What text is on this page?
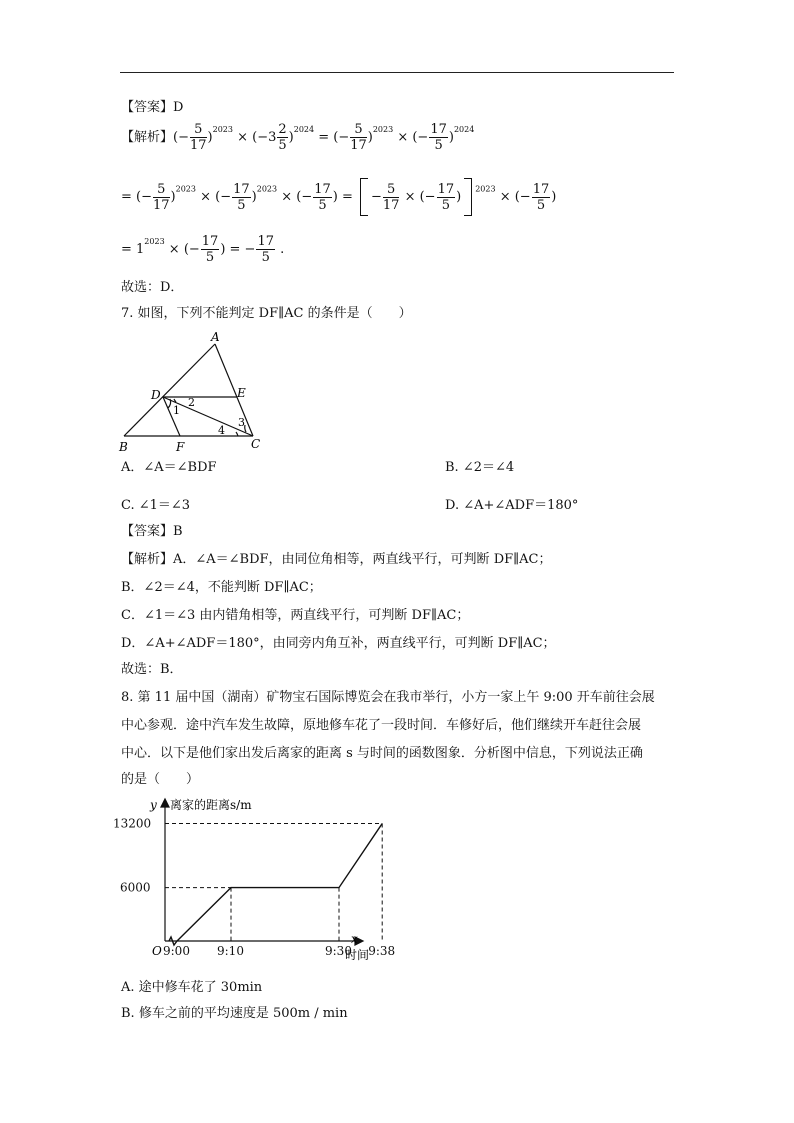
【答案】D
【解析】(− $\frac{5}{17} )^{2023} \times (-3 \frac{2}{5} )^{2024}$ = (− $\frac{5}{17} )^{2023}$ × (− $\frac{17}{5} )^{2024}$
= (− $\frac{5}{17} )^{2023}$ × (− $\frac{17}{5} )^{2023}$ × (− $\frac{17}{5}$ ) = − $\frac{5}{17}$ × (− $\frac{17}{5} )^{2023}$ × (− $\frac{17}{5}$ )
= $1^{2023}$ × (− $\frac{17}{5}$ ) = − $\frac{17}{5}$ .
故选：D．
7. 如图，下列不能判定 DF∥AC 的条件是（　　）
A
B	C
D	E
F
1
2
3
4
A．∠A＝∠BDF	B. ∠2＝∠4
C. ∠1＝∠3	D. ∠A+∠ADF＝180°
【答案】B
【解析】A．∠A＝∠BDF，由同位角相等，两直线平行，可判断 DF∥AC；
B．∠2＝∠4，不能判断 DF∥AC；
C．∠1＝∠3 由内错角相等，两直线平行，可判断 DF∥AC；
D．∠A+∠ADF＝180°，由同旁内角互补，两直线平行，可判断 DF∥AC；
故选：B．
8. 第 11 届中国（湖南）矿物宝石国际博览会在我市举行，小方一家上午 9:00 开车前往会展
中心参观．途中汽车发生故障，原地修车花了一段时间．车修好后，他们继续开车赶往会展
中心．以下是他们家出发后离家的距离 s 与时间的函数图象．分析图中信息，下列说法正确
的是（　　）
9:00 9:10	9:30 9:38
6000
13200
O
y 离家的距离s/m
x
时间
A. 途中修车花了 30min
B. 修车之前的平均速度是 500m / min
